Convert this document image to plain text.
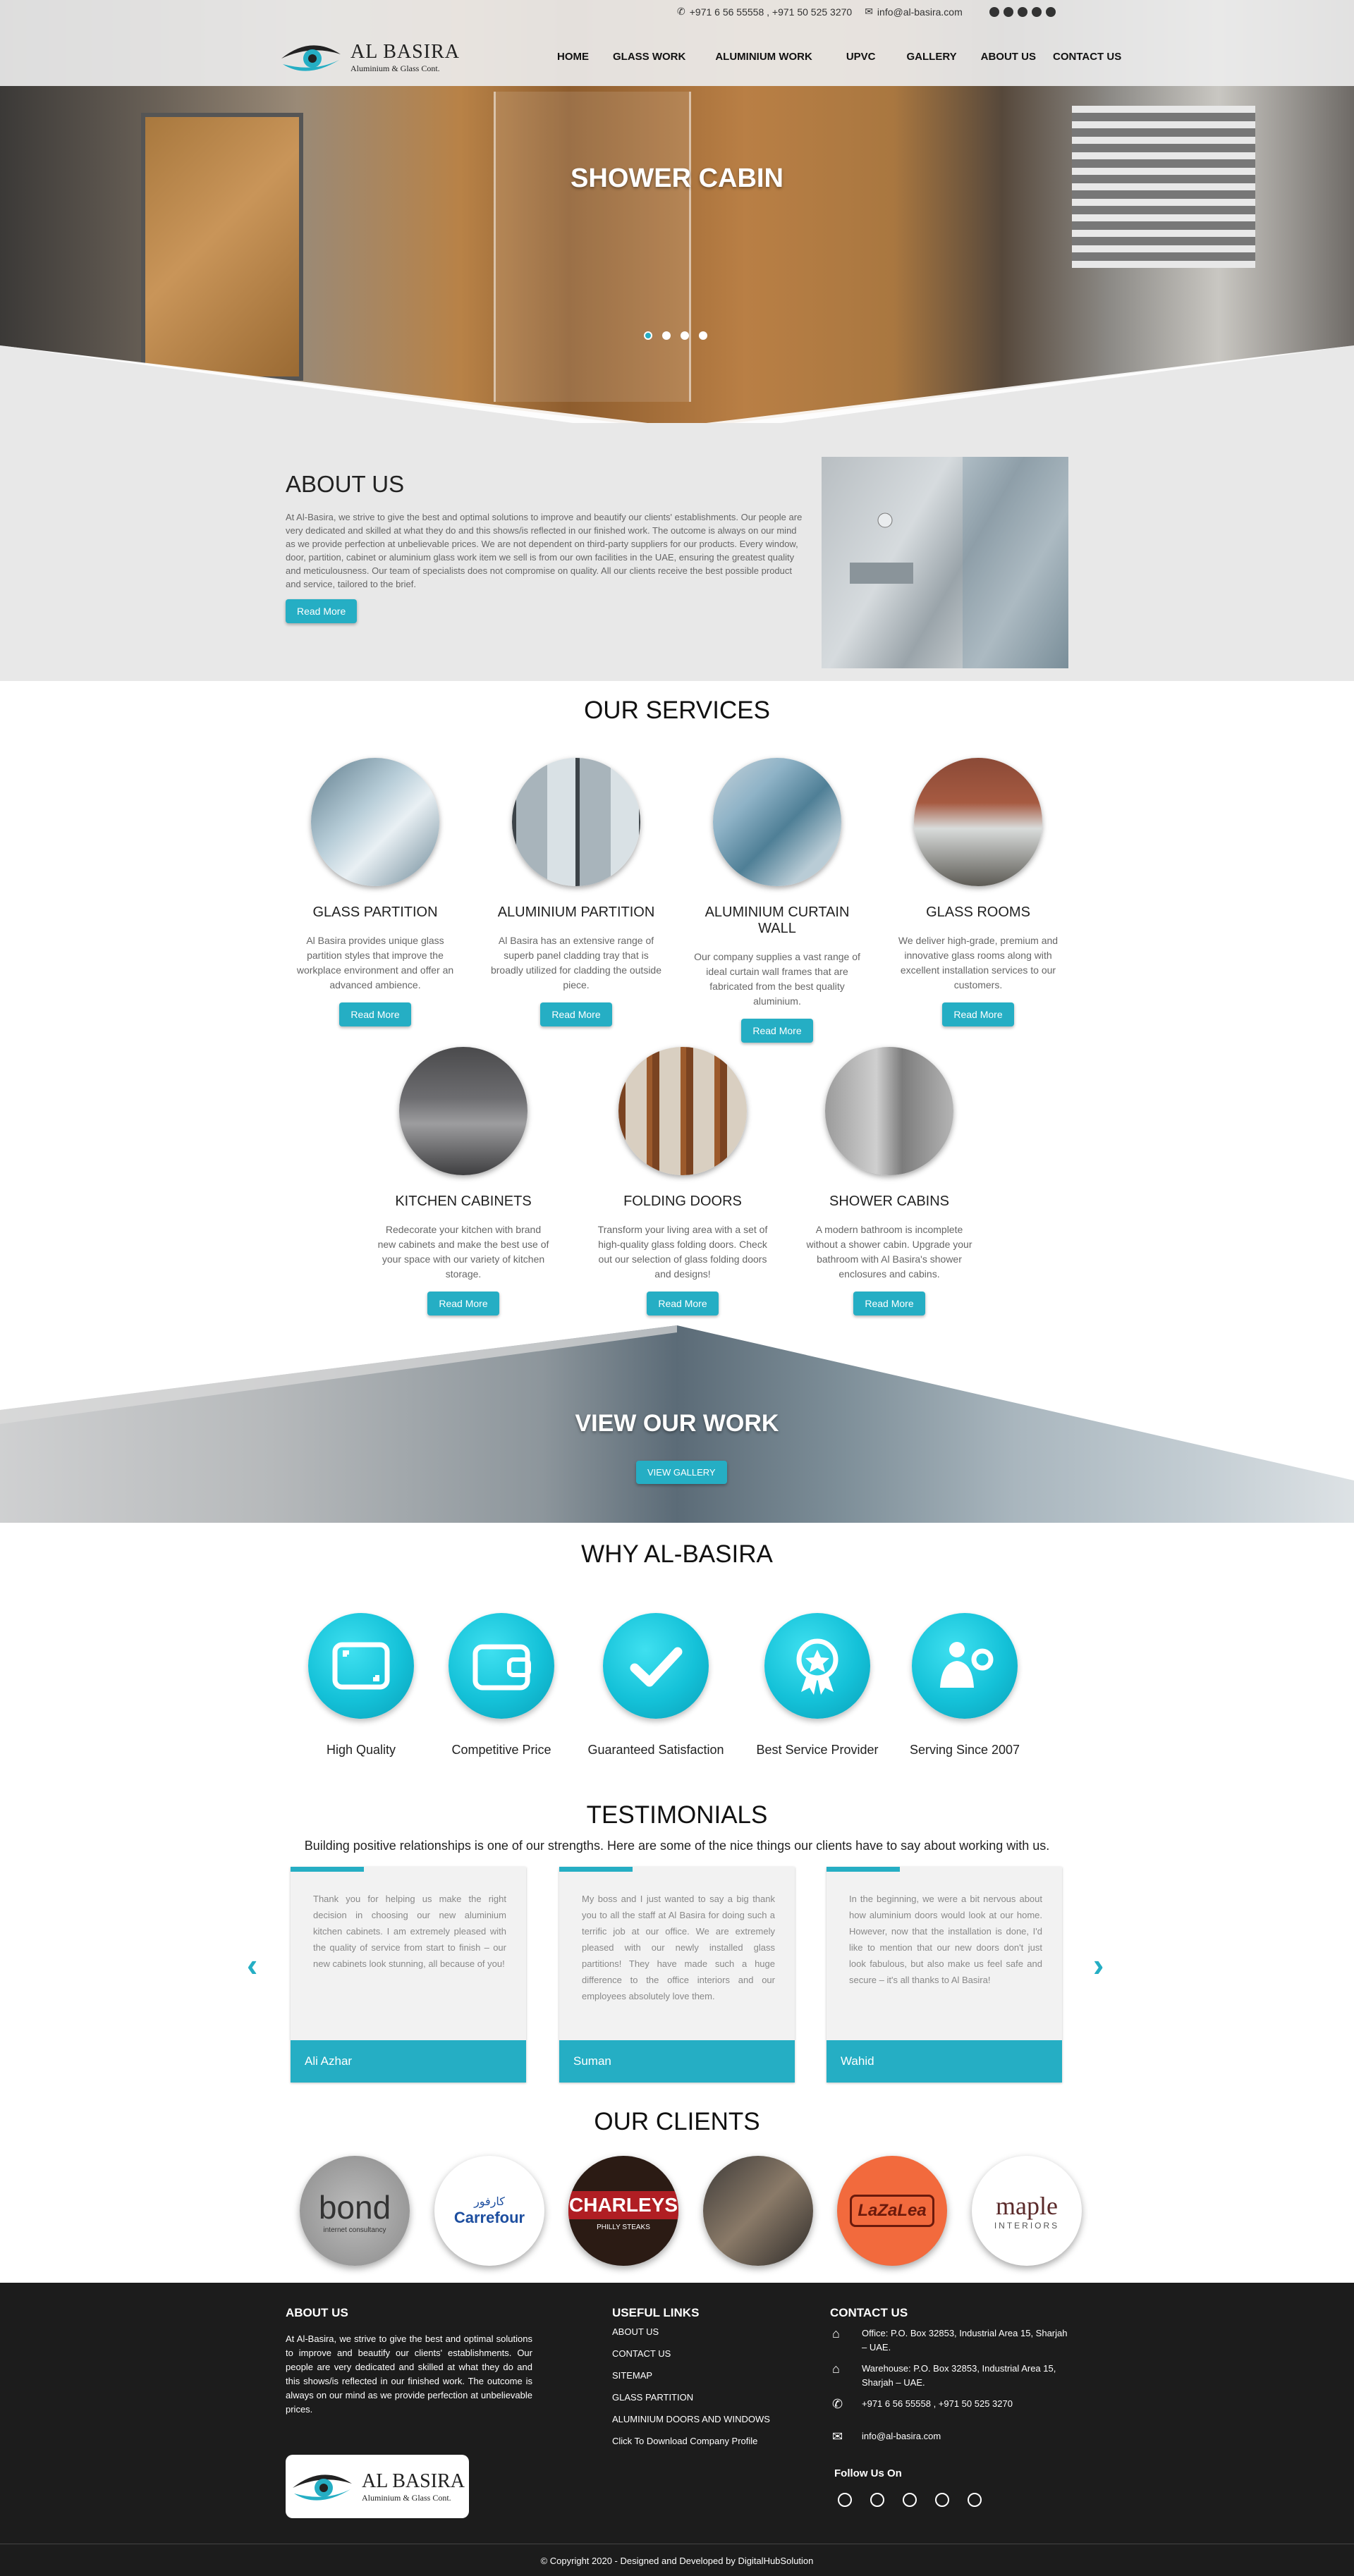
SHOWER CABIN
✆ +971 6 56 55558 , +971 50 525 3270 ✉ info@al-basira.com
AL BASIRA
Aluminium & Glass Cont.
HOME GLASS WORK	ALUMINIUM WORK	UPVC	GALLERY ABOUT US CONTACT US
ABOUT US

At Al-Basira, we strive to give the best and optimal solutions to improve and beautify our clients' establishments. Our people are very dedicated and skilled at what they do and this shows/is reflected in our finished work. The outcome is always on our mind as we provide perfection at unbelievable prices. We are not dependent on third-party suppliers for our products. Every window, door, partition, cabinet or aluminium glass work item we sell is from our own facilities in the UAE, ensuring the greatest quality and meticulousness. Our team of specialists does not compromise on quality. All our clients receive the best possible product and service, tailored to the brief.

Read More
OUR SERVICES
GLASS PARTITION

Al Basira provides unique glass partition styles that improve the workplace environment and offer an advanced ambience.

Read More
ALUMINIUM PARTITION

Al Basira has an extensive range of superb panel cladding tray that is broadly utilized for cladding the outside piece.

Read More
ALUMINIUM CURTAIN WALL

Our company supplies a vast range of ideal curtain wall frames that are fabricated from the best quality aluminium.

Read More
GLASS ROOMS

We deliver high-grade, premium and innovative glass rooms along with excellent installation services to our customers.

Read More
KITCHEN CABINETS

Redecorate your kitchen with brand new cabinets and make the best use of your space with our variety of kitchen storage.

Read More
FOLDING DOORS

Transform your living area with a set of high-quality glass folding doors. Check out our selection of glass folding doors and designs!

Read More
SHOWER CABINS

A modern bathroom is incomplete without a shower cabin. Upgrade your bathroom with Al Basira's shower enclosures and cabins.

Read More
VIEW OUR WORK
VIEW GALLERY
WHY AL-BASIRA

High Quality	Competitive Price	Guaranteed Satisfaction	Best Service Provider	Serving Since 2007

TESTIMONIALS
Building positive relationships is one of our strengths. Here are some of the nice things our clients have to say about working with us.
‹	›

Thank you for helping us make the right decision in choosing our new aluminium kitchen cabinets. I am extremely pleased with the quality of service from start to finish – our new cabinets look stunning, all because of you!

Ali Azhar

My boss and I just wanted to say a big thank you to all the staff at Al Basira for doing such a terrific job at our office. We are extremely pleased with our newly installed glass partitions! They have made such a huge difference to the office interiors and our employees absolutely love them.

Suman

In the beginning, we were a bit nervous about how aluminium doors would look at our home. However, now that the installation is done, I'd like to mention that our new doors don't just look fabulous, but also make us feel safe and secure – it's all thanks to Al Basira!

Wahid
OUR CLIENTS
bond
internet consultancy
كارفور
Carrefour
CHARLEYS
PHILLY STEAKS
LaZaLea	maple
INTERIORS
ABOUT US

At Al-Basira, we strive to give the best and optimal solutions to improve and beautify our clients' establishments. Our people are very dedicated and skilled at what they do and this shows/is reflected in our finished work. The outcome is always on our mind as we provide perfection at unbelievable prices.

AL BASIRA
Aluminium & Glass Cont.
USEFUL LINKS
ABOUT US
CONTACT US
SITEMAP
GLASS PARTITION
ALUMINIUM DOORS AND WINDOWS
Click To Download Company Profile
CONTACT US
⌂	Office: P.O. Box 32853, Industrial Area 15, Sharjah – UAE.
⌂	Warehouse: P.O. Box 32853, Industrial Area 15, Sharjah – UAE.
✆	+971 6 56 55558 , +971 50 525 3270
✉	info@al-basira.com
Follow Us On
© Copyright 2020 - Designed and Developed by DigitalHubSolution
